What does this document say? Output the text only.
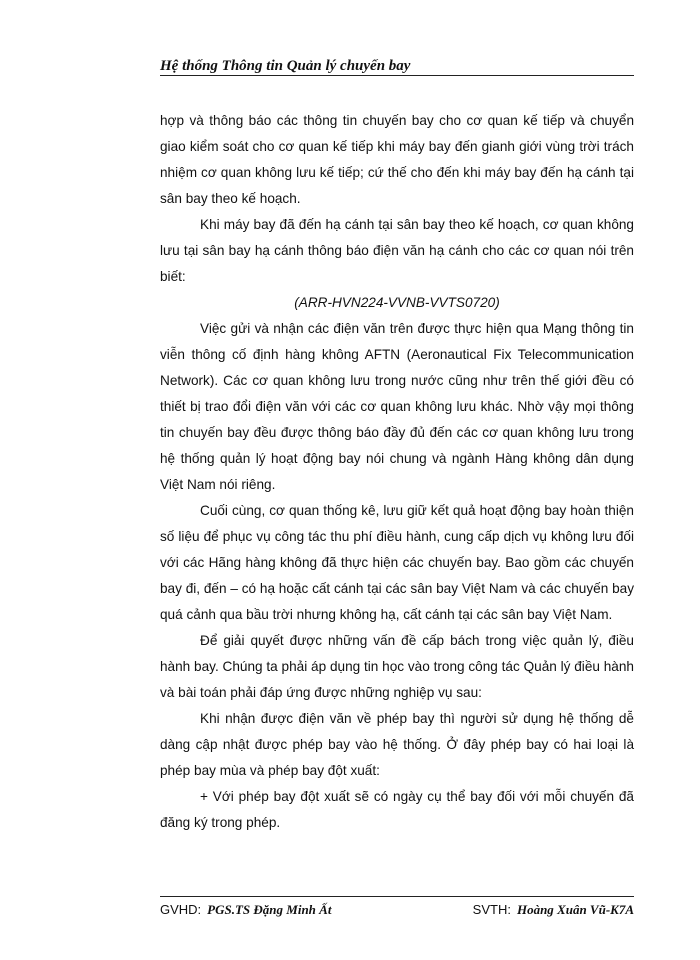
Hệ thống Thông tin Quản lý chuyến bay

hợp và thông báo các thông tin chuyến bay cho cơ quan kế tiếp và chuyển giao kiểm soát cho cơ quan kế tiếp khi máy bay đến gianh giới vùng trời trách nhiệm cơ quan không lưu kế tiếp; cứ thế cho đến khi máy bay đến hạ cánh tại sân bay theo kế hoạch.

Khi máy bay đã đến hạ cánh tại sân bay theo kế hoạch, cơ quan không lưu tại sân bay hạ cánh thông báo điện văn hạ cánh cho các cơ quan nói trên biết:

(ARR-HVN224-VVNB-VVTS0720)

Việc gửi và nhận các điện văn trên được thực hiện qua Mạng thông tin viễn thông cố định hàng không AFTN (Aeronautical Fix Telecommunication Network). Các cơ quan không lưu trong nước cũng như trên thế giới đều có thiết bị trao đổi điện văn với các cơ quan không lưu khác. Nhờ vậy mọi thông tin chuyến bay đều được thông báo đầy đủ đến các cơ quan không lưu trong hệ thống quản lý hoạt động bay nói chung và ngành Hàng không dân dụng Việt Nam nói riêng.

Cuối cùng, cơ quan thống kê, lưu giữ kết quả hoạt động bay hoàn thiện số liệu để phục vụ công tác thu phí điều hành, cung cấp dịch vụ không lưu đối với các Hãng hàng không đã thực hiện các chuyến bay. Bao gồm các chuyến bay đi, đến – có hạ hoặc cất cánh tại các sân bay Việt Nam và các chuyến bay quá cảnh qua bầu trời nhưng không hạ, cất cánh tại các sân bay Việt Nam.

Để giải quyết được những vấn đề cấp bách trong việc quản lý, điều hành bay. Chúng ta phải áp dụng tin học vào trong công tác Quản lý điều hành và bài toán phải đáp ứng được những nghiệp vụ sau:

Khi nhận được điện văn về phép bay thì người sử dụng hệ thống dễ dàng cập nhật được phép bay vào hệ thống. Ở đây phép bay có hai loại là phép bay mùa và phép bay đột xuất:

+ Với phép bay đột xuất sẽ có ngày cụ thể bay đối với mỗi chuyến đã đăng ký trong phép.

GVHD: PGS.TS Đặng Minh Ất	SVTH: Hoàng Xuân Vũ-K7A
